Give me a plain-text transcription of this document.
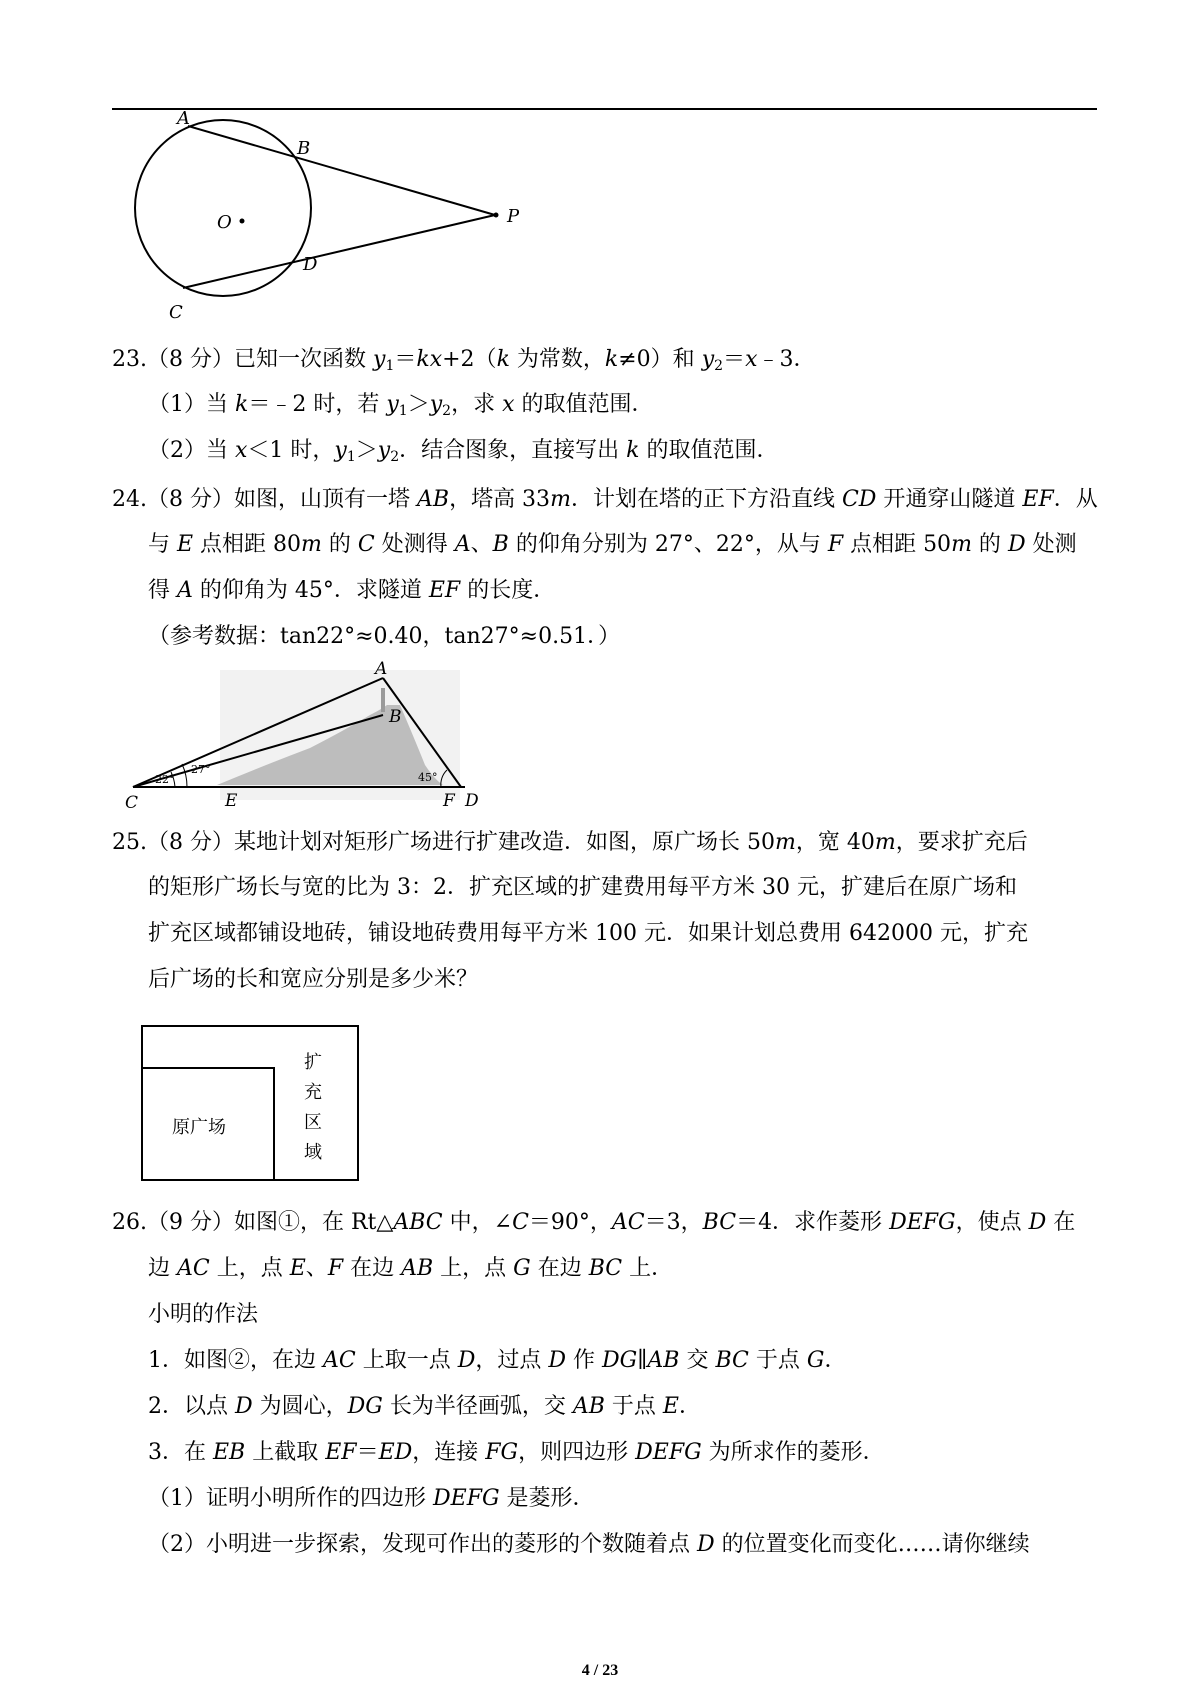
A
B
O	P
D
C
23.（8 分）已知一次函数 $y_1=kx+2(k$ 为常数，k≠0）和 $y_2=x﹣3$．
（1）当 k＝﹣2 时，若 $y_1>y_2$，求 x 的取值范围．
（2）当 x＜1 时，$y_1>y_2$．结合图象，直接写出 k 的取值范围．
24.（8 分）如图，山顶有一塔 AB，塔高 33m．计划在塔的正下方沿直线 CD 开通穿山隧道 EF．从
与 E 点相距 80m 的 C 处测得 A、B 的仰角分别为 27°、22°，从与 F 点相距 50m 的 D 处测
得 A 的仰角为 45°．求隧道 EF 的长度．
（参考数据：tan22°≈0.40，tan27°≈0.51．）
22°
27°
45°
A
B
C	E	F D
25.（8 分）某地计划对矩形广场进行扩建改造．如图，原广场长 50m，宽 40m，要求扩充后
的矩形广场长与宽的比为 3：2．扩充区域的扩建费用每平方米 30 元，扩建后在原广场和
扩充区域都铺设地砖，铺设地砖费用每平方米 100 元．如果计划总费用 642000 元，扩充
后广场的长和宽应分别是多少米？
原广场
扩
充
区
域
26.（9 分）如图①，在 Rt△ABC 中，∠C＝90°，AC＝3，BC＝4．求作菱形 DEFG，使点 D 在
边 AC 上，点 E、F 在边 AB 上，点 G 在边 BC 上．
小明的作法
1．如图②，在边 AC 上取一点 D，过点 D 作 DG∥AB 交 BC 于点 G．
2．以点 D 为圆心，DG 长为半径画弧，交 AB 于点 E．
3．在 EB 上截取 EF＝ED，连接 FG，则四边形 DEFG 为所求作的菱形．
（1）证明小明所作的四边形 DEFG 是菱形．
（2）小明进一步探索，发现可作出的菱形的个数随着点 D 的位置变化而变化……请你继续
4 / 23
